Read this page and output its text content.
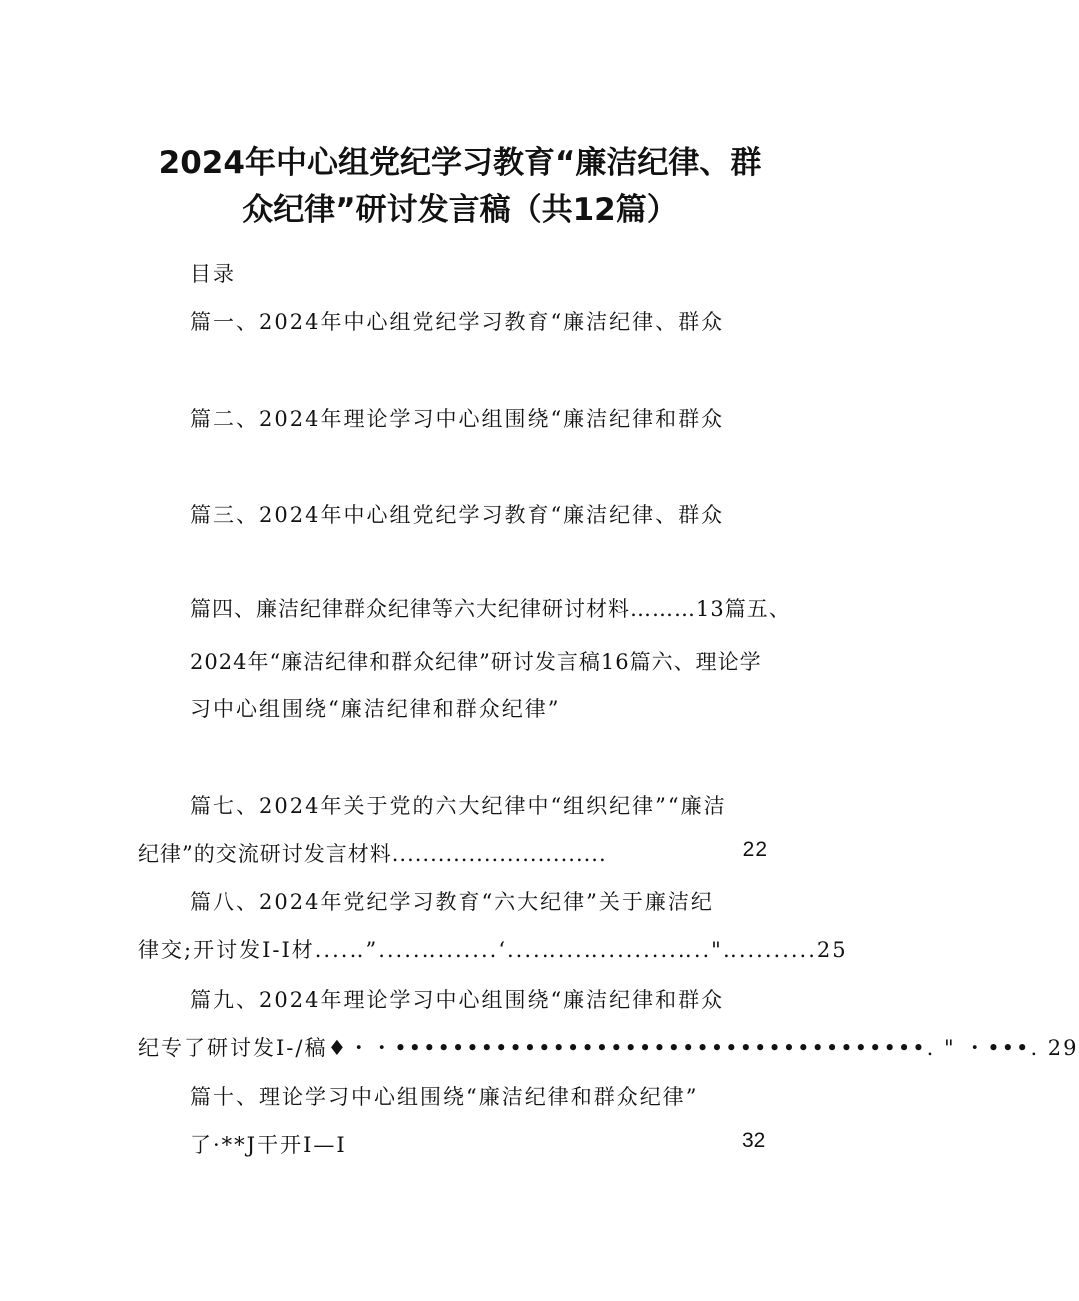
2024年中心组党纪学习教育“廉洁纪律、群
众纪律”研讨发言稿（共12篇）
目录
篇一、2024年中心组党纪学习教育“廉洁纪律、群众
篇二、2024年理论学习中心组围绕“廉洁纪律和群众
篇三、2024年中心组党纪学习教育“廉洁纪律、群众
篇四、廉洁纪律群众纪律等六大纪律研讨材料………13篇五、
2024年“廉洁纪律和群众纪律”研讨发言稿16篇六、理论学
习中心组围绕“廉洁纪律和群众纪律”
篇七、2024年关于党的六大纪律中“组织纪律”“廉洁
纪律”的交流研讨发言材料............................	22
篇八、2024年党纪学习教育“六大纪律”关于廉洁纪
律交;开讨发I-I材....‥”.....‥.......‘....‥...‥.........‥.."‥.........25
篇九、2024年理论学习中心组围绕“廉洁纪律和群众
纪专了研讨发I-/稿♦・・•••••••••••••••••••••••••••••••••••••. " ・•••. 29
篇十、理论学习中心组围绕“廉洁纪律和群众纪律”
了·**J干开I—I	32
